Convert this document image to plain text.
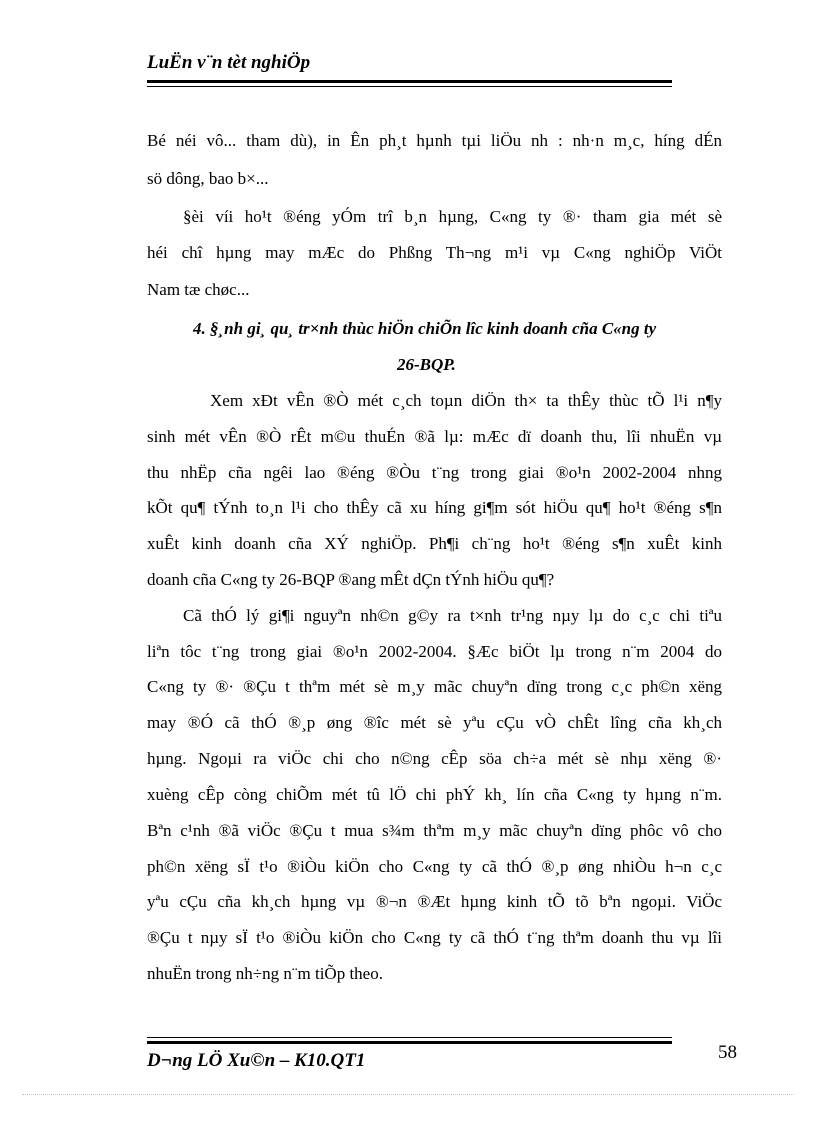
LuËn v¨n tèt nghiÖp
Bé néi vô... tham dù), in Ên ph¸t hµnh tµi liÖu nh : nh·n m¸c, híng dÉn
sö dông, bao b×...
§èi víi ho¹t ®éng yÓm trî b¸n hµng, C«ng ty ®· tham gia mét sè
héi chî hµng may mÆc do Phßng Th¬ng m¹i vµ C«ng nghiÖp ViÖt
Nam tæ chøc...
4. §¸nh gi¸ qu¸ tr×nh thùc hiÖn chiÕn lîc kinh doanh cña C«ng ty
26-BQP.
Xem xÐt vÊn ®Ò mét c¸ch toµn diÖn th× ta thÊy thùc tÕ l¹i n¶y
sinh mét vÊn ®Ò rÊt m©u thuÉn ®ã lµ: mÆc dï doanh thu, lîi nhuËn vµ
thu nhËp cña ngêi lao ®éng ®Òu t¨ng trong giai ®o¹n 2002-2004 nhng
kÕt qu¶ tÝnh to¸n l¹i cho thÊy cã xu híng gi¶m sót hiÖu qu¶ ho¹t ®éng s¶n
xuÊt kinh doanh cña XÝ nghiÖp. Ph¶i ch¨ng ho¹t ®éng s¶n xuÊt kinh
doanh cña C«ng ty 26-BQP ®ang mÊt dÇn tÝnh hiÖu qu¶?
Cã thÓ lý gi¶i nguyªn nh©n g©y ra t×nh tr¹ng nµy lµ do c¸c chi tiªu
liªn tôc t¨ng trong giai ®o¹n 2002-2004. §Æc biÖt lµ trong n¨m 2004 do
C«ng ty ®· ®Çu t thªm mét sè m¸y mãc chuyªn dïng trong c¸c ph©n xëng
may ®Ó cã thÓ ®¸p øng ®îc mét sè yªu cÇu vÒ chÊt lîng cña kh¸ch
hµng. Ngoµi ra viÖc chi cho n©ng cÊp söa ch÷a mét sè nhµ xëng ®·
xuèng cÊp còng chiÕm mét tû lÖ chi phÝ kh¸ lín cña C«ng ty hµng n¨m.
Bªn c¹nh ®ã viÖc ®Çu t mua s¾m thªm m¸y mãc chuyªn dïng phôc vô cho
ph©n xëng sÏ t¹o ®iÒu kiÖn cho C«ng ty cã thÓ ®¸p øng nhiÒu h¬n c¸c
yªu cÇu cña kh¸ch hµng vµ ®¬n ®Æt hµng kinh tÕ tõ bªn ngoµi. ViÖc
®Çu t nµy sÏ t¹o ®iÒu kiÖn cho C«ng ty cã thÓ t¨ng thªm doanh thu vµ lîi
nhuËn trong nh÷ng n¨m tiÕp theo.
D¬ng LÖ Xu©n – K10.QT1	58
